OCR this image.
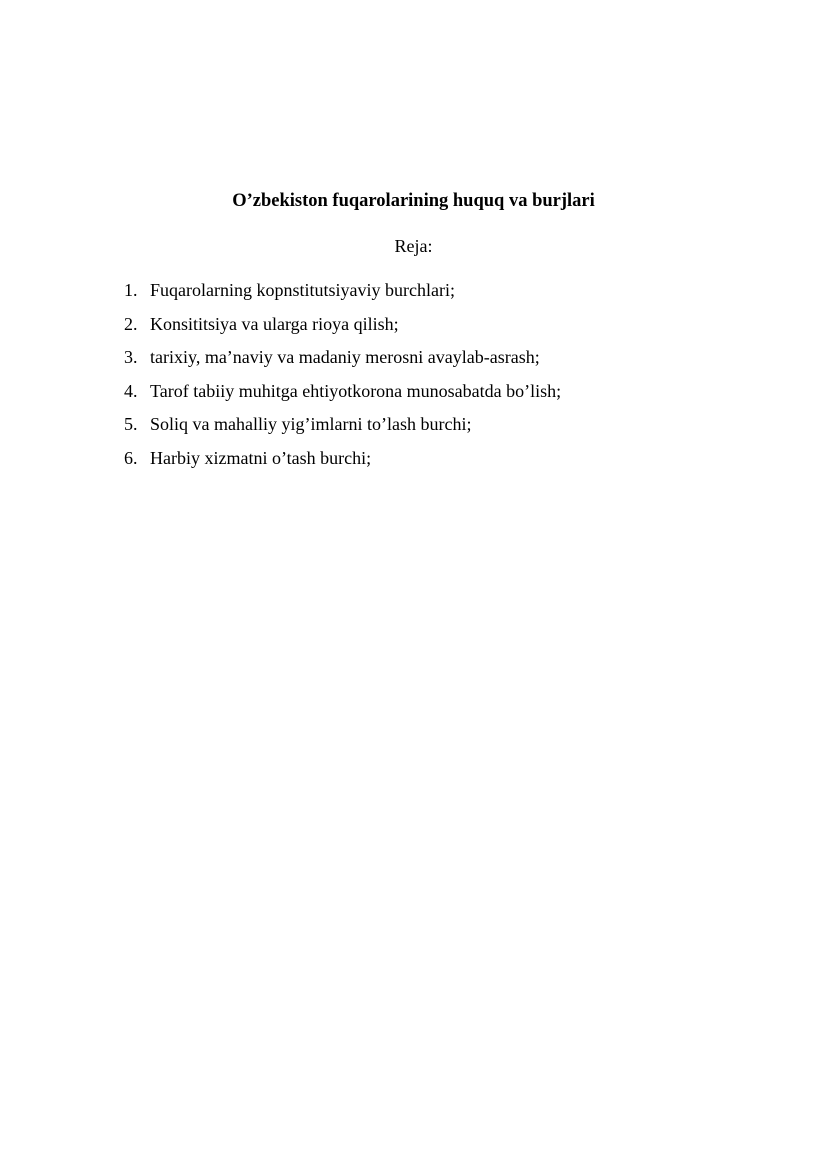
O’zbekiston fuqarolarining huquq va burjlari

Reja:

1. Fuqarolarning kopnstitutsiyaviy burchlari;
2. Konsititsiya va ularga rioya qilish;
3. tarixiy, ma’naviy va madaniy merosni avaylab-asrash;
4. Tarof tabiiy muhitga ehtiyotkorona munosabatda bo’lish;
5. Soliq va mahalliy yig’imlarni to’lash burchi;
6. Harbiy xizmatni o’tash burchi;
